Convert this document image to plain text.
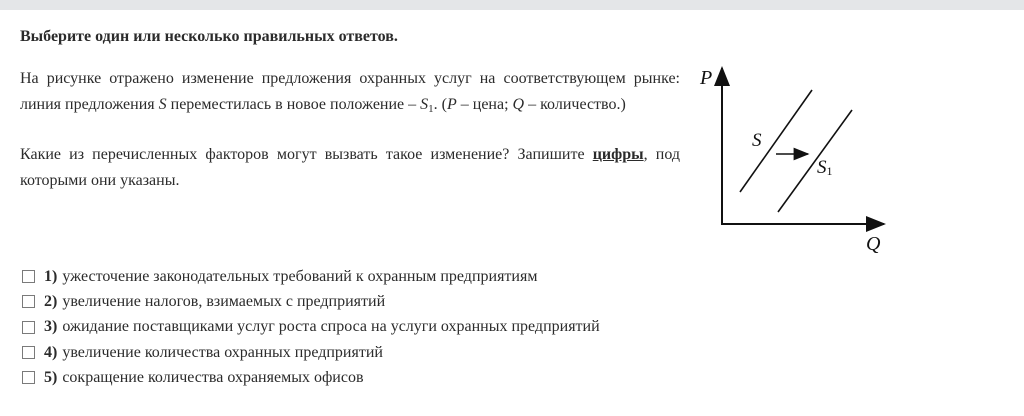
Выберите один или несколько правильных ответов.

На рисунке отражено изменение предложения охранных услуг на соответствующем рынке: линия предложения S переместилась в новое положение – $S_1$. (P – цена; Q – количество.)

Какие из перечисленных факторов могут вызвать такое изменение? Запишите цифры, под которыми они указаны.

P
Q
S
S1
1) ужесточение законодательных требований к охранным предприятиям
2) увеличение налогов, взимаемых с предприятий
3) ожидание поставщиками услуг роста спроса на услуги охранных предприятий
4) увеличение количества охранных предприятий
5) сокращение количества охраняемых офисов
